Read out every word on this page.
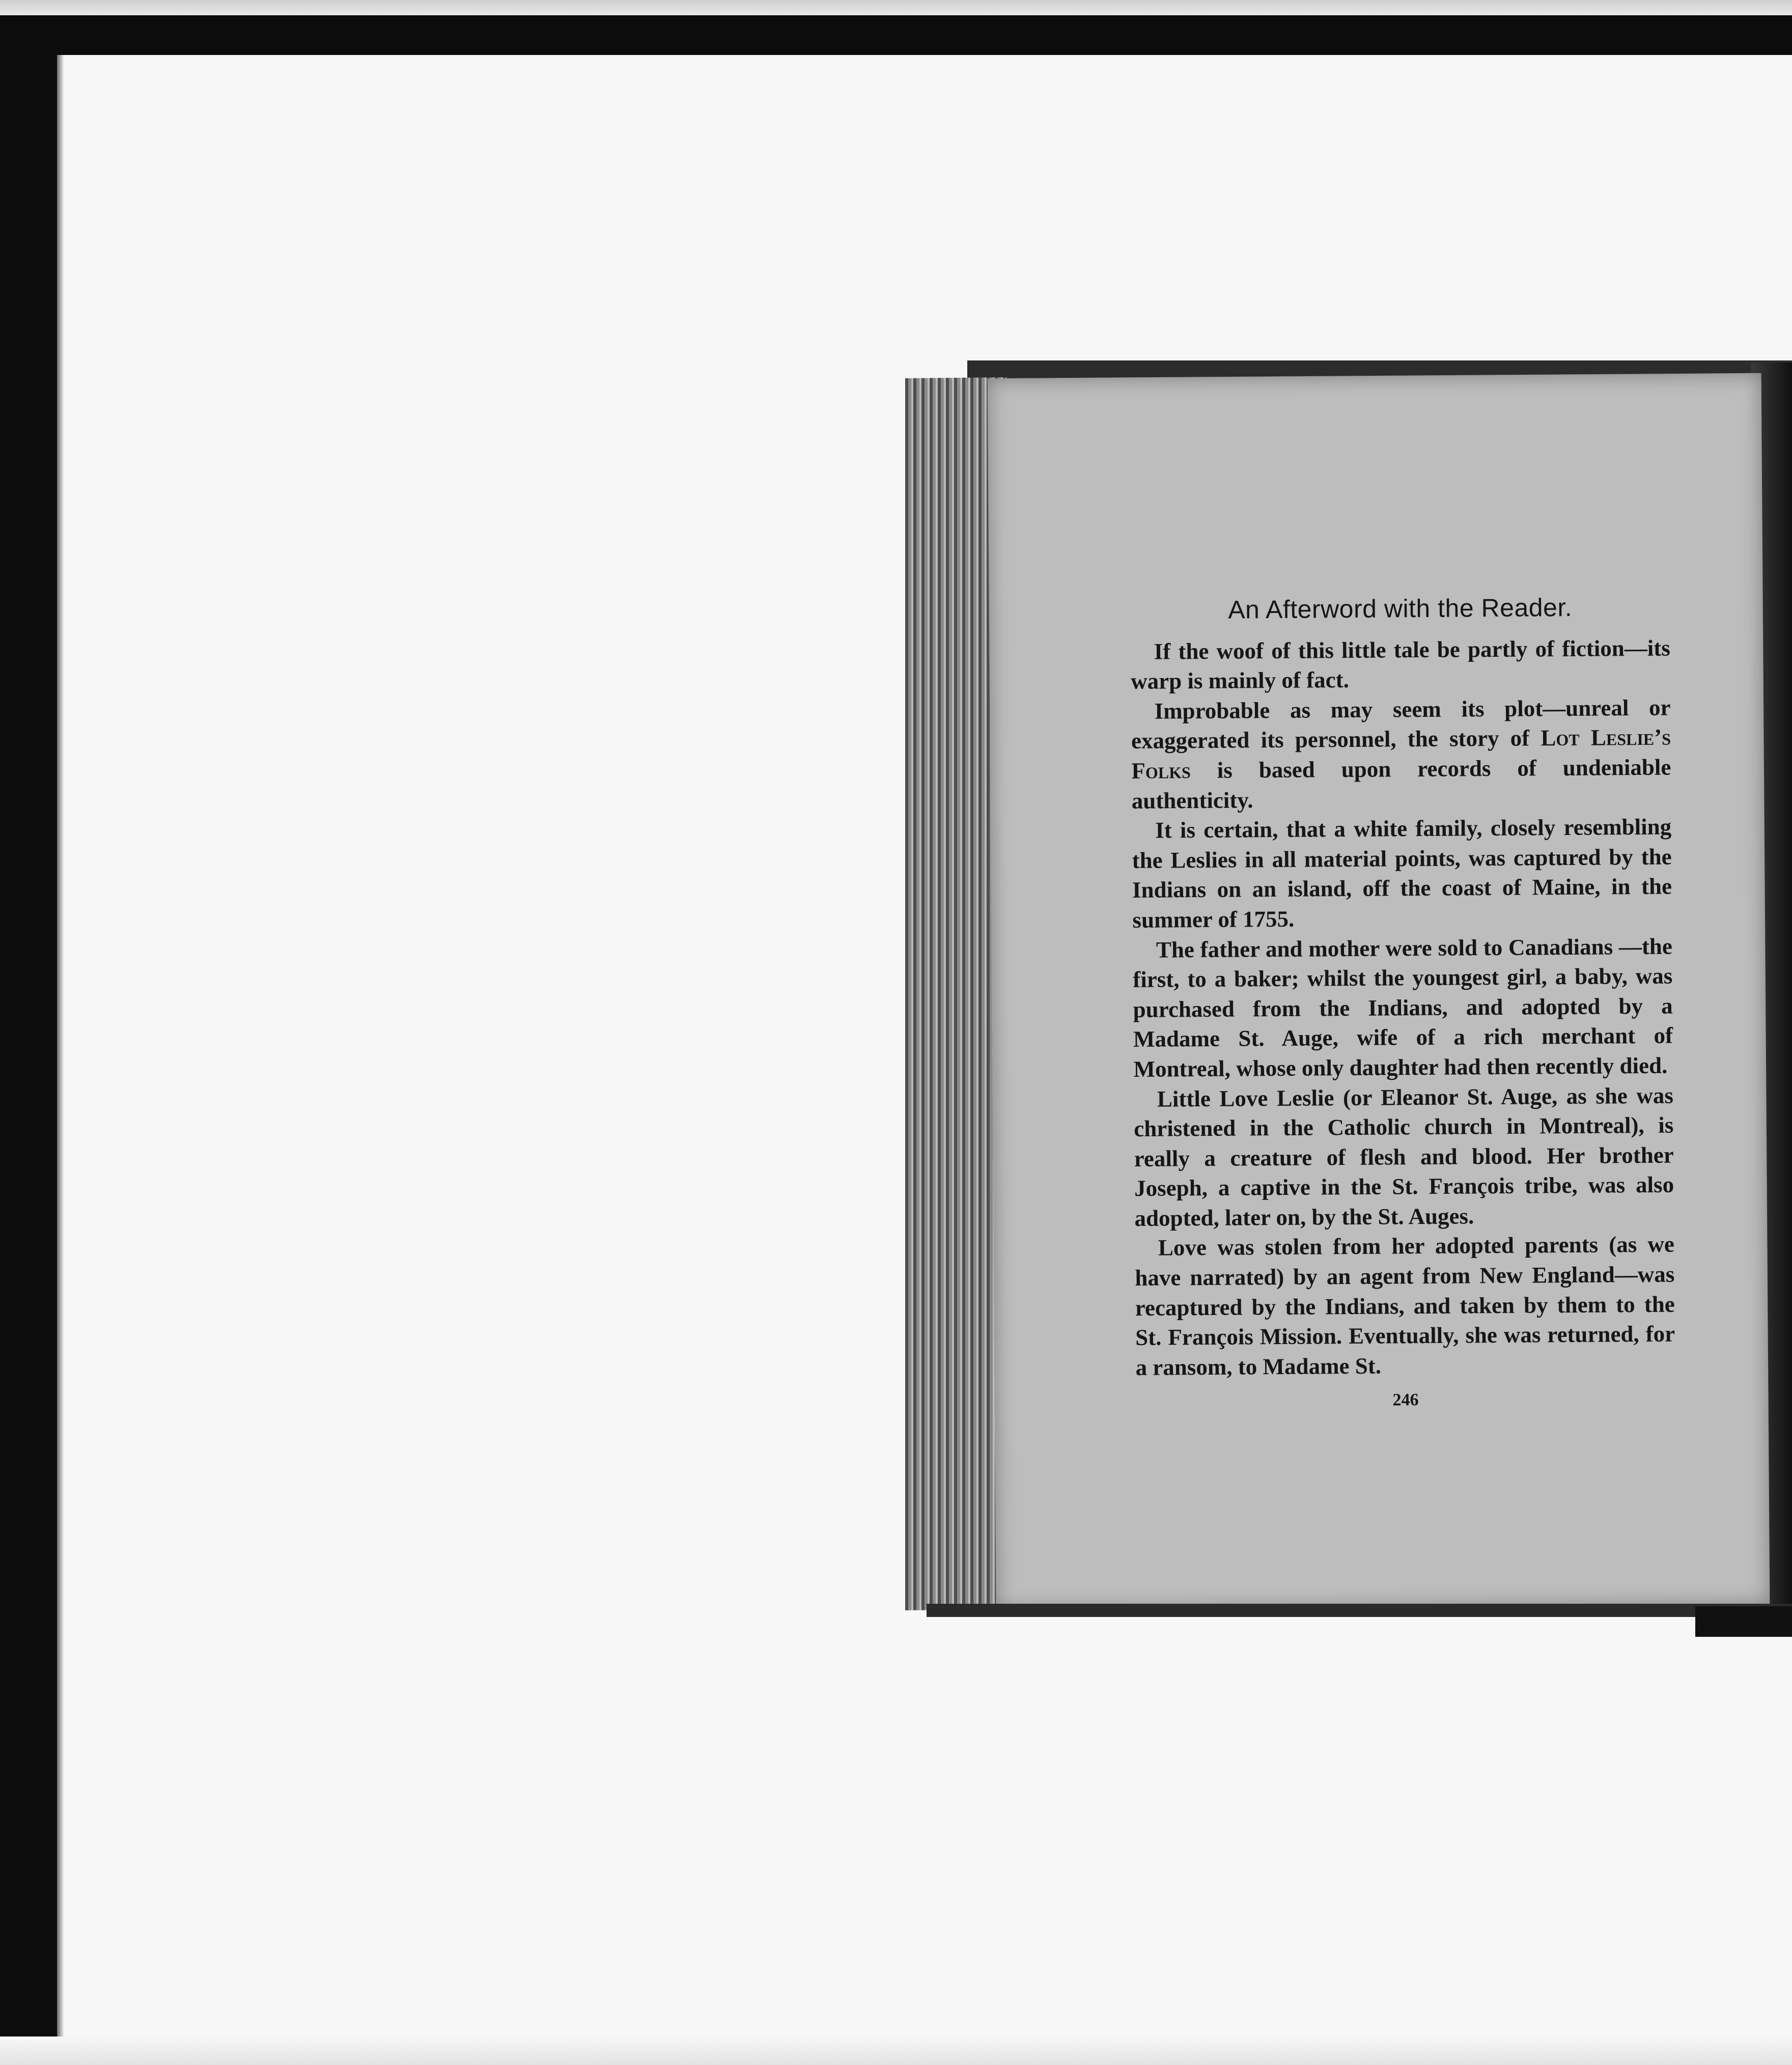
An Afterword with the Reader.

If the woof of this little tale be partly of fiction—its warp is mainly of fact.

Improbable as may seem its plot—unreal or exaggerated its personnel, the story of Lot Leslie’s Folks is based upon records of undeniable authenticity.

It is certain, that a white family, closely resembling the Leslies in all material points, was captured by the Indians on an island, off the coast of Maine, in the summer of 1755.

The father and mother were sold to Canadians —the first, to a baker; whilst the youngest girl, a baby, was purchased from the Indians, and adopted by a Madame St. Auge, wife of a rich merchant of Montreal, whose only daughter had then recently died.

Little Love Leslie (or Eleanor St. Auge, as she was christened in the Catholic church in Montreal), is really a creature of flesh and blood. Her brother Joseph, a captive in the St. François tribe, was also adopted, later on, by the St. Auges.

Love was stolen from her adopted parents (as we have narrated) by an agent from New England—was recaptured by the Indians, and taken by them to the St. François Mission. Eventually, she was returned, for a ransom, to Madame St.

246
